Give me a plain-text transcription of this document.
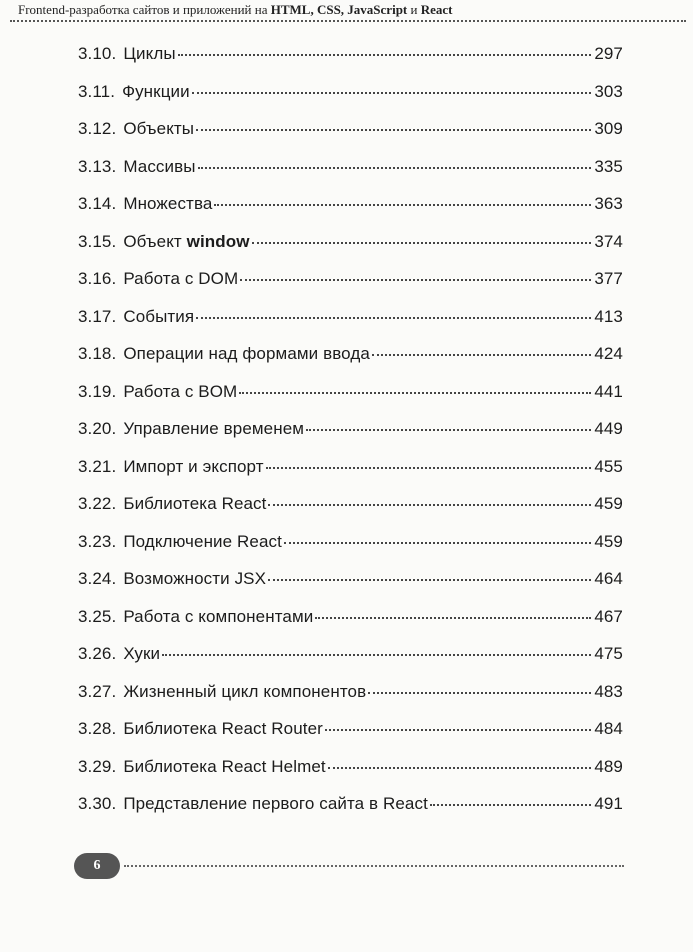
Frontend-разработка сайтов и приложений на HTML, CSS, JavaScript и React
3.10. Циклы	297
3.11. Функции	303
3.12. Объекты	309
3.13. Массивы	335
3.14. Множества	363
3.15. Объект window	374
3.16. Работа с DOM	377
3.17. События	413
3.18. Операции над формами ввода	424
3.19. Работа с BOM	441
3.20. Управление временем	449
3.21. Импорт и экспорт	455
3.22. Библиотека React	459
3.23. Подключение React	459
3.24. Возможности JSX	464
3.25. Работа с компонентами	467
3.26. Хуки	475
3.27. Жизненный цикл компонентов	483
3.28. Библиотека React Router	484
3.29. Библиотека React Helmet	489
3.30. Представление первого сайта в React	491
6
